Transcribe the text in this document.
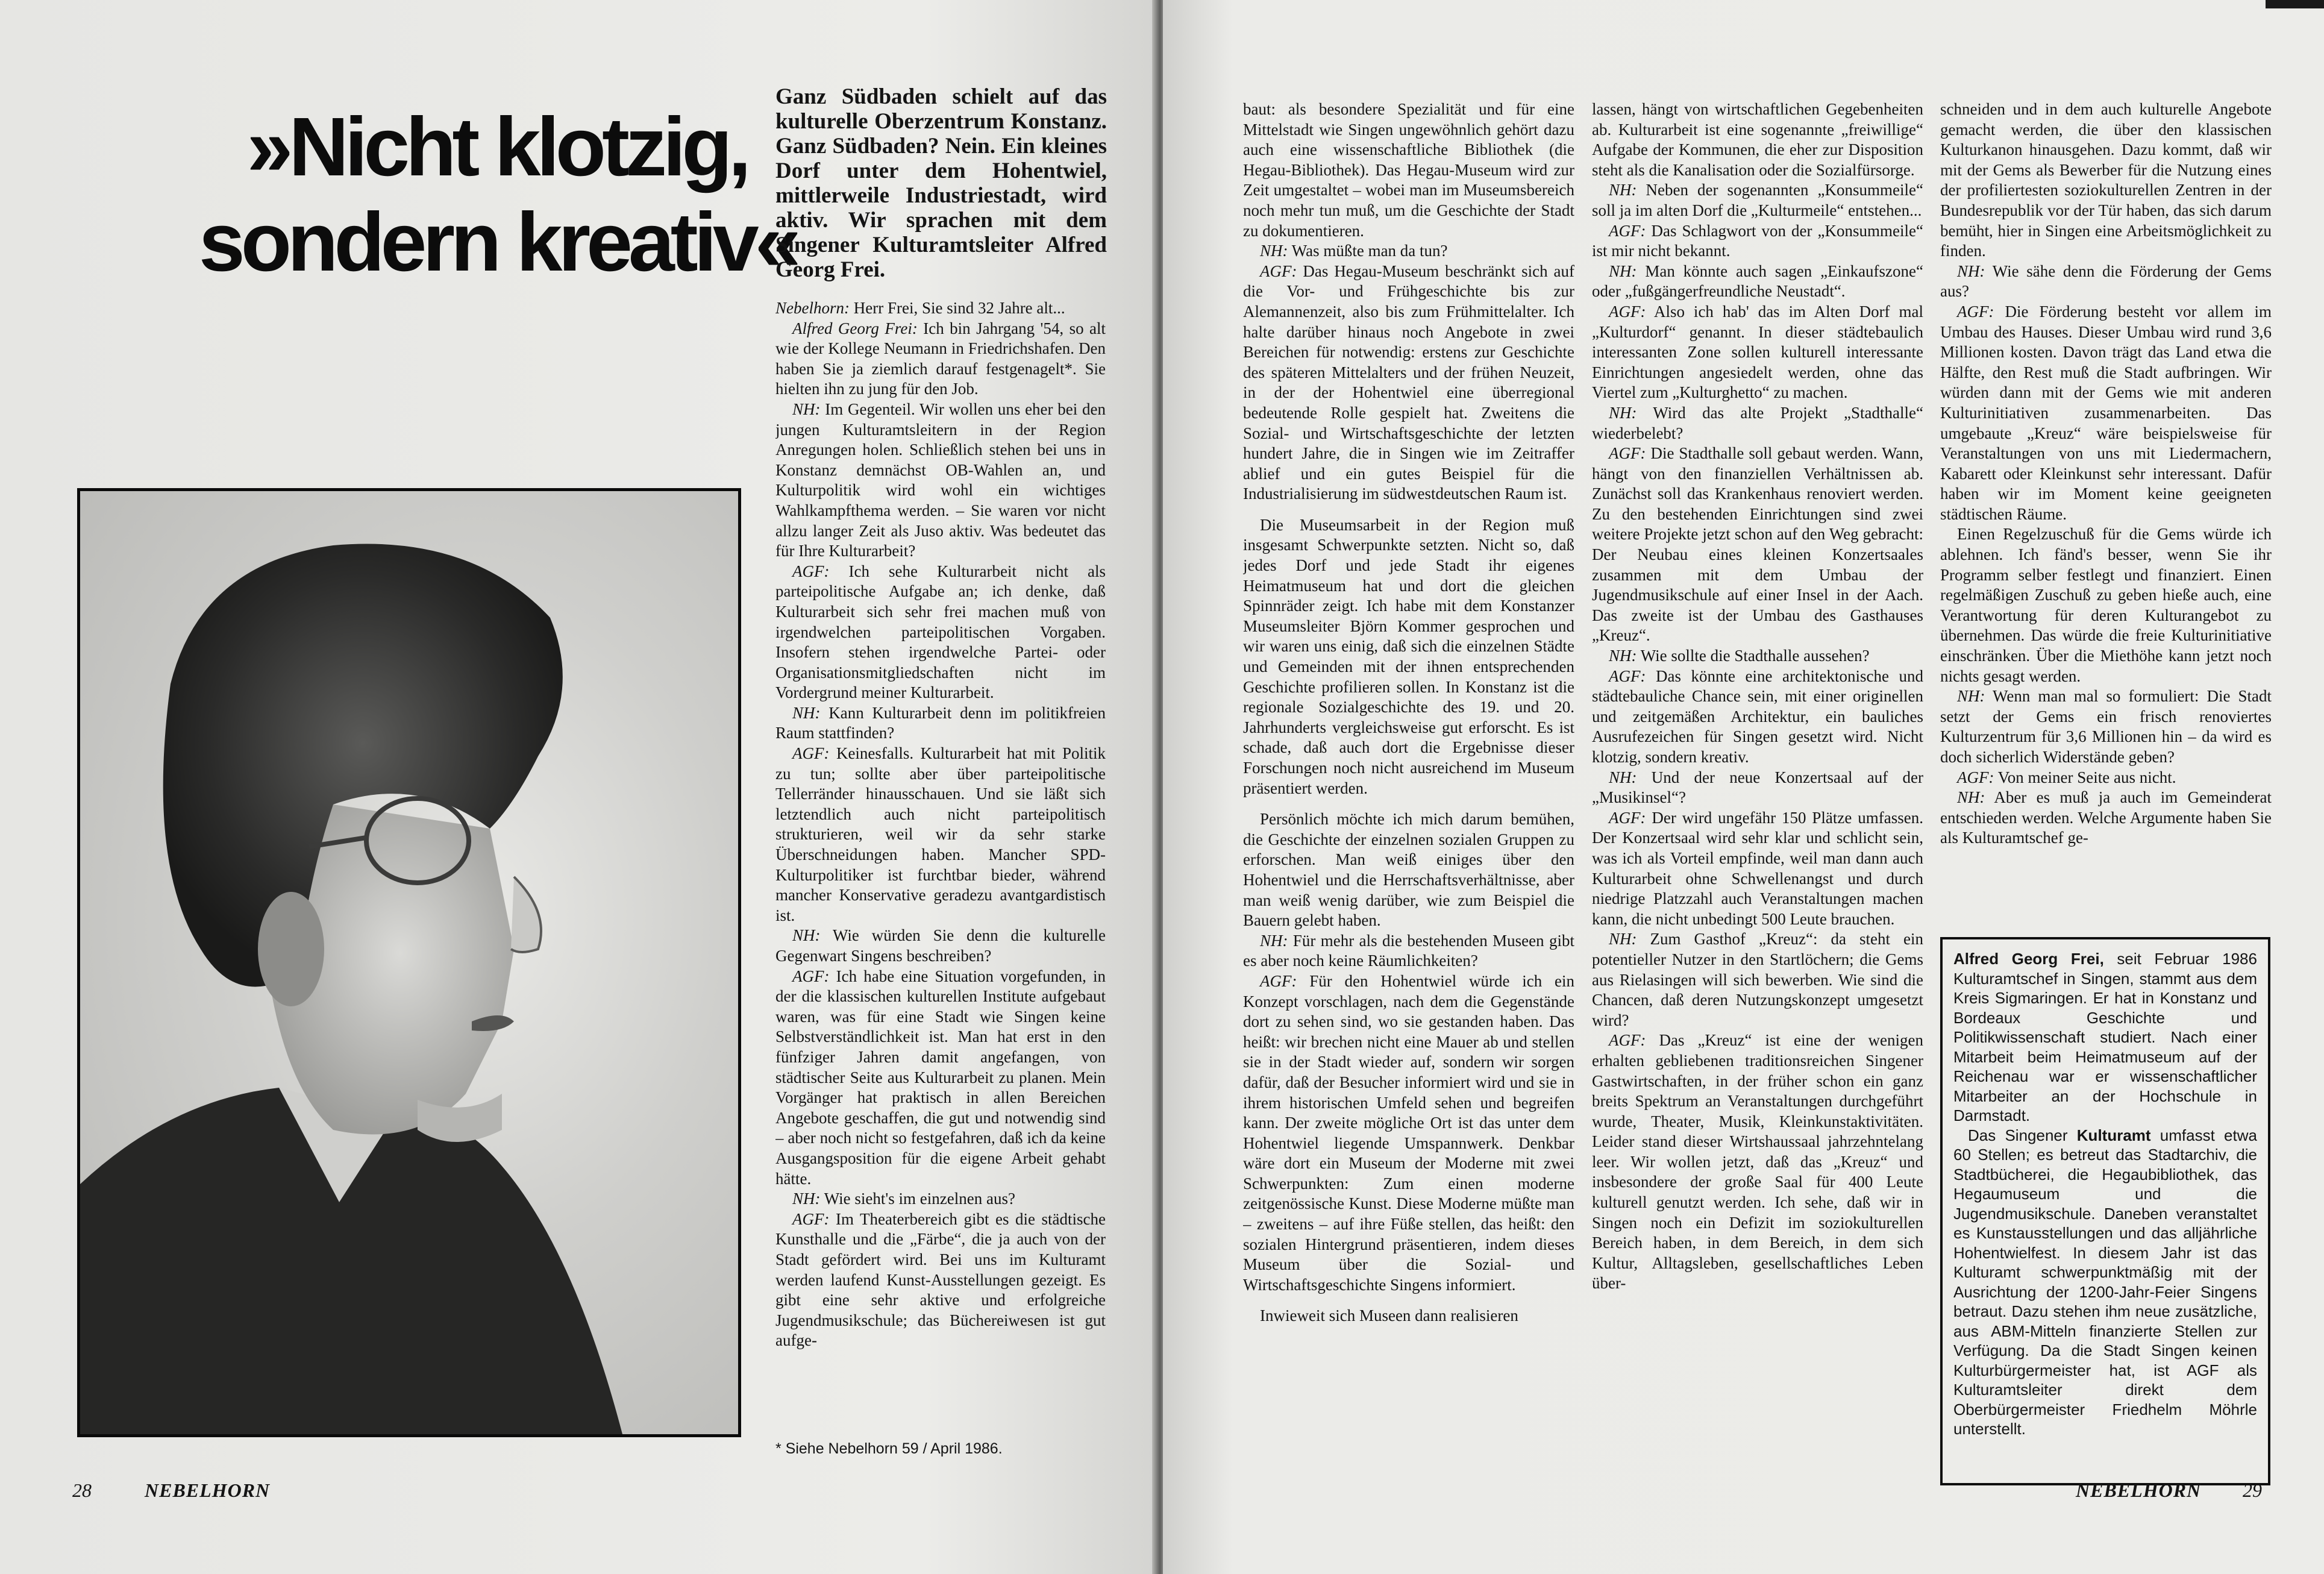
»Nicht klotzig,
sondern kreativ«

Ganz Südbaden schielt auf das kulturelle Oberzentrum Konstanz. Ganz Südbaden? Nein. Ein kleines Dorf unter dem Hohentwiel, mittlerweile Industriestadt, wird aktiv. Wir sprachen mit dem Singener Kulturamtsleiter Alfred Georg Frei.

Nebelhorn: Herr Frei, Sie sind 32 Jahre alt...

Alfred Georg Frei: Ich bin Jahrgang '54, so alt wie der Kollege Neumann in Friedrichshafen. Den haben Sie ja ziemlich darauf festgenagelt*. Sie hielten ihn zu jung für den Job.

NH: Im Gegenteil. Wir wollen uns eher bei den jungen Kulturamtsleitern in der Region Anregungen holen. Schließlich stehen bei uns in Konstanz demnächst OB-Wahlen an, und Kulturpolitik wird wohl ein wichtiges Wahlkampfthema werden. – Sie waren vor nicht allzu langer Zeit als Juso aktiv. Was bedeutet das für Ihre Kulturarbeit?

AGF: Ich sehe Kulturarbeit nicht als parteipolitische Aufgabe an; ich denke, daß Kulturarbeit sich sehr frei machen muß von irgendwelchen parteipolitischen Vorgaben. Insofern stehen irgendwelche Partei- oder Organisationsmitgliedschaften nicht im Vordergrund meiner Kulturarbeit.

NH: Kann Kulturarbeit denn im politikfreien Raum stattfinden?

AGF: Keinesfalls. Kulturarbeit hat mit Politik zu tun; sollte aber über parteipolitische Tellerränder hinausschauen. Und sie läßt sich letztendlich auch nicht parteipolitisch strukturieren, weil wir da sehr starke Überschneidungen haben. Mancher SPD-Kulturpolitiker ist furchtbar bieder, während mancher Konservative geradezu avantgardistisch ist.

NH: Wie würden Sie denn die kulturelle Gegenwart Singens beschreiben?

AGF: Ich habe eine Situation vorgefunden, in der die klassischen kulturellen Institute aufgebaut waren, was für eine Stadt wie Singen keine Selbstverständlichkeit ist. Man hat erst in den fünfziger Jahren damit angefangen, von städtischer Seite aus Kulturarbeit zu planen. Mein Vorgänger hat praktisch in allen Bereichen Angebote geschaffen, die gut und notwendig sind – aber noch nicht so festgefahren, daß ich da keine Ausgangsposition für die eigene Arbeit gehabt hätte.

NH: Wie sieht's im einzelnen aus?

AGF: Im Theaterbereich gibt es die städtische Kunsthalle und die „Färbe“, die ja auch von der Stadt gefördert wird. Bei uns im Kulturamt werden laufend Kunst-Ausstellungen gezeigt. Es gibt eine sehr aktive und erfolgreiche Jugendmusikschule; das Büchereiwesen ist gut aufge-

* Siehe Nebelhorn 59 / April 1986.
28	NEBELHORN

baut: als besondere Spezialität und für eine Mittelstadt wie Singen ungewöhnlich gehört dazu auch eine wissenschaftliche Bibliothek (die Hegau-Bibliothek). Das Hegau-Museum wird zur Zeit umgestaltet – wobei man im Museumsbereich noch mehr tun muß, um die Geschichte der Stadt zu dokumentieren.

NH: Was müßte man da tun?

AGF: Das Hegau-Museum beschränkt sich auf die Vor- und Frühgeschichte bis zur Alemannenzeit, also bis zum Frühmittelalter. Ich halte darüber hinaus noch Angebote in zwei Bereichen für notwendig: erstens zur Geschichte des späteren Mittelalters und der frühen Neuzeit, in der der Hohentwiel eine überregional bedeutende Rolle gespielt hat. Zweitens die Sozial- und Wirtschaftsgeschichte der letzten hundert Jahre, die in Singen wie im Zeitraffer ablief und ein gutes Beispiel für die Industrialisierung im südwestdeutschen Raum ist.

Die Museumsarbeit in der Region muß insgesamt Schwerpunkte setzten. Nicht so, daß jedes Dorf und jede Stadt ihr eigenes Heimatmuseum hat und dort die gleichen Spinnräder zeigt. Ich habe mit dem Konstanzer Museumsleiter Björn Kommer gesprochen und wir waren uns einig, daß sich die einzelnen Städte und Gemeinden mit der ihnen entsprechenden Geschichte profilieren sollen. In Konstanz ist die regionale Sozialgeschichte des 19. und 20. Jahrhunderts vergleichsweise gut erforscht. Es ist schade, daß auch dort die Ergebnisse dieser Forschungen noch nicht ausreichend im Museum präsentiert werden.

Persönlich möchte ich mich darum bemühen, die Geschichte der einzelnen sozialen Gruppen zu erforschen. Man weiß einiges über den Hohentwiel und die Herrschaftsverhältnisse, aber man weiß wenig darüber, wie zum Beispiel die Bauern gelebt haben.

NH: Für mehr als die bestehenden Museen gibt es aber noch keine Räumlichkeiten?

AGF: Für den Hohentwiel würde ich ein Konzept vorschlagen, nach dem die Gegenstände dort zu sehen sind, wo sie gestanden haben. Das heißt: wir brechen nicht eine Mauer ab und stellen sie in der Stadt wieder auf, sondern wir sorgen dafür, daß der Besucher informiert wird und sie in ihrem historischen Umfeld sehen und begreifen kann. Der zweite mögliche Ort ist das unter dem Hohentwiel liegende Umspannwerk. Denkbar wäre dort ein Museum der Moderne mit zwei Schwerpunkten: Zum einen moderne zeitgenössische Kunst. Diese Moderne müßte man – zweitens – auf ihre Füße stellen, das heißt: den sozialen Hintergrund präsentieren, indem dieses Museum über die Sozial- und Wirtschaftsgeschichte Singens informiert.

Inwieweit sich Museen dann realisieren

lassen, hängt von wirtschaftlichen Gegebenheiten ab. Kulturarbeit ist eine sogenannte „freiwillige“ Aufgabe der Kommunen, die eher zur Disposition steht als die Kanalisation oder die Sozialfürsorge.

NH: Neben der sogenannten „Konsummeile“ soll ja im alten Dorf die „Kulturmeile“ entstehen...

AGF: Das Schlagwort von der „Konsummeile“ ist mir nicht bekannt.

NH: Man könnte auch sagen „Einkaufszone“ oder „fußgängerfreundliche Neustadt“.

AGF: Also ich hab' das im Alten Dorf mal „Kulturdorf“ genannt. In dieser städtebaulich interessanten Zone sollen kulturell interessante Einrichtungen angesiedelt werden, ohne das Viertel zum „Kulturghetto“ zu machen.

NH: Wird das alte Projekt „Stadthalle“ wiederbelebt?

AGF: Die Stadthalle soll gebaut werden. Wann, hängt von den finanziellen Verhältnissen ab. Zunächst soll das Krankenhaus renoviert werden. Zu den bestehenden Einrichtungen sind zwei weitere Projekte jetzt schon auf den Weg gebracht: Der Neubau eines kleinen Konzertsaales zusammen mit dem Umbau der Jugendmusikschule auf einer Insel in der Aach. Das zweite ist der Umbau des Gasthauses „Kreuz“.

NH: Wie sollte die Stadthalle aussehen?

AGF: Das könnte eine architektonische und städtebauliche Chance sein, mit einer originellen und zeitgemäßen Architektur, ein bauliches Ausrufezeichen für Singen gesetzt wird. Nicht klotzig, sondern kreativ.

NH: Und der neue Konzertsaal auf der „Musikinsel“?

AGF: Der wird ungefähr 150 Plätze umfassen. Der Konzertsaal wird sehr klar und schlicht sein, was ich als Vorteil empfinde, weil man dann auch Kulturarbeit ohne Schwellenangst und durch niedrige Platzzahl auch Veranstaltungen machen kann, die nicht unbedingt 500 Leute brauchen.

NH: Zum Gasthof „Kreuz“: da steht ein potentieller Nutzer in den Startlöchern; die Gems aus Rielasingen will sich bewerben. Wie sind die Chancen, daß deren Nutzungskonzept umgesetzt wird?

AGF: Das „Kreuz“ ist eine der wenigen erhalten gebliebenen traditionsreichen Singener Gastwirtschaften, in der früher schon ein ganz breits Spektrum an Veranstaltungen durchgeführt wurde, Theater, Musik, Kleinkunstaktivitäten. Leider stand dieser Wirtshaussaal jahrzehntelang leer. Wir wollen jetzt, daß das „Kreuz“ und insbesondere der große Saal für 400 Leute kulturell genutzt werden. Ich sehe, daß wir in Singen noch ein Defizit im soziokulturellen Bereich haben, in dem Bereich, in dem sich Kultur, Alltagsleben, gesellschaftliches Leben über-

schneiden und in dem auch kulturelle Angebote gemacht werden, die über den klassischen Kulturkanon hinausgehen. Dazu kommt, daß wir mit der Gems als Bewerber für die Nutzung eines der profiliertesten soziokulturellen Zentren in der Bundesrepublik vor der Tür haben, das sich darum bemüht, hier in Singen eine Arbeitsmöglichkeit zu finden.

NH: Wie sähe denn die Förderung der Gems aus?

AGF: Die Förderung besteht vor allem im Umbau des Hauses. Dieser Umbau wird rund 3,6 Millionen kosten. Davon trägt das Land etwa die Hälfte, den Rest muß die Stadt aufbringen. Wir würden dann mit der Gems wie mit anderen Kulturinitiativen zusammenarbeiten. Das umgebaute „Kreuz“ wäre beispielsweise für Veranstaltungen von uns mit Liedermachern, Kabarett oder Kleinkunst sehr interessant. Dafür haben wir im Moment keine geeigneten städtischen Räume.

Einen Regelzuschuß für die Gems würde ich ablehnen. Ich fänd's besser, wenn Sie ihr Programm selber festlegt und finanziert. Einen regelmäßigen Zuschuß zu geben hieße auch, eine Verantwortung für deren Kulturangebot zu übernehmen. Das würde die freie Kulturinitiative einschränken. Über die Miethöhe kann jetzt noch nichts gesagt werden.

NH: Wenn man mal so formuliert: Die Stadt setzt der Gems ein frisch renoviertes Kulturzentrum für 3,6 Millionen hin – da wird es doch sicherlich Widerstände geben?

AGF: Von meiner Seite aus nicht.

NH: Aber es muß ja auch im Gemeinderat entschieden werden. Welche Argumente haben Sie als Kulturamtschef ge-

Alfred Georg Frei, seit Februar 1986 Kulturamtschef in Singen, stammt aus dem Kreis Sigmaringen. Er hat in Konstanz und Bordeaux Geschichte und Politikwissenschaft studiert. Nach einer Mitarbeit beim Heimatmuseum auf der Reichenau war er wissenschaftlicher Mitarbeiter an der Hochschule in Darmstadt.

Das Singener Kulturamt umfasst etwa 60 Stellen; es betreut das Stadtarchiv, die Stadtbücherei, die Hegaubibliothek, das Hegaumuseum und die Jugendmusikschule. Daneben veranstaltet es Kunstausstellungen und das alljährliche Hohentwielfest. In diesem Jahr ist das Kulturamt schwerpunktmäßig mit der Ausrichtung der 1200-Jahr-Feier Singens betraut. Dazu stehen ihm neue zusätzliche, aus ABM-Mitteln finanzierte Stellen zur Verfügung. Da die Stadt Singen keinen Kulturbürgermeister hat, ist AGF als Kulturamtsleiter direkt dem Oberbürgermeister Friedhelm Möhrle unterstellt.

NEBELHORN 29
